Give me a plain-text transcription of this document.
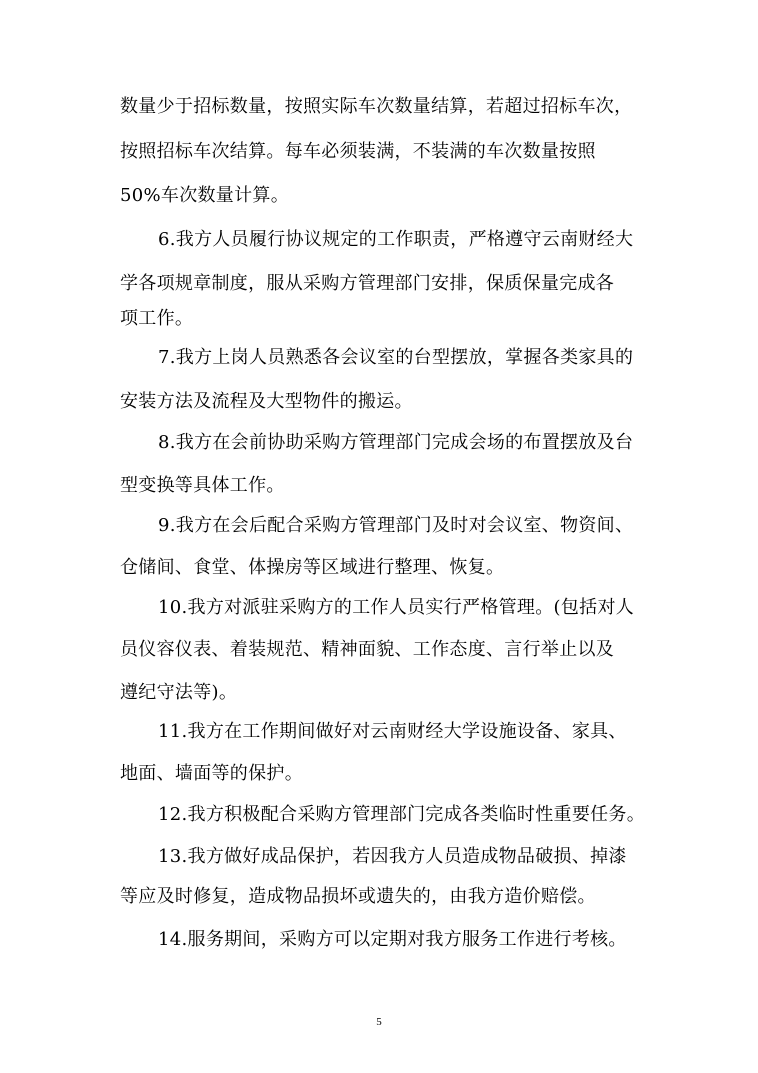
数量少于招标数量，按照实际车次数量结算，若超过招标车次，
按照招标车次结算。每车必须装满，不装满的车次数量按照
50%车次数量计算。
6.我方人员履行协议规定的工作职责，严格遵守云南财经大
学各项规章制度，服从采购方管理部门安排，保质保量完成各
项工作。
7.我方上岗人员熟悉各会议室的台型摆放，掌握各类家具的
安装方法及流程及大型物件的搬运。
8.我方在会前协助采购方管理部门完成会场的布置摆放及台
型变换等具体工作。
9.我方在会后配合采购方管理部门及时对会议室、物资间、
仓储间、食堂、体操房等区域进行整理、恢复。
10.我方对派驻采购方的工作人员实行严格管理。(包括对人
员仪容仪表、着装规范、精神面貌、工作态度、言行举止以及
遵纪守法等)。
11.我方在工作期间做好对云南财经大学设施设备、家具、
地面、墙面等的保护。
12.我方积极配合采购方管理部门完成各类临时性重要任务。
13.我方做好成品保护，若因我方人员造成物品破损、掉漆
等应及时修复，造成物品损坏或遗失的，由我方造价赔偿。
14.服务期间，采购方可以定期对我方服务工作进行考核。
5
